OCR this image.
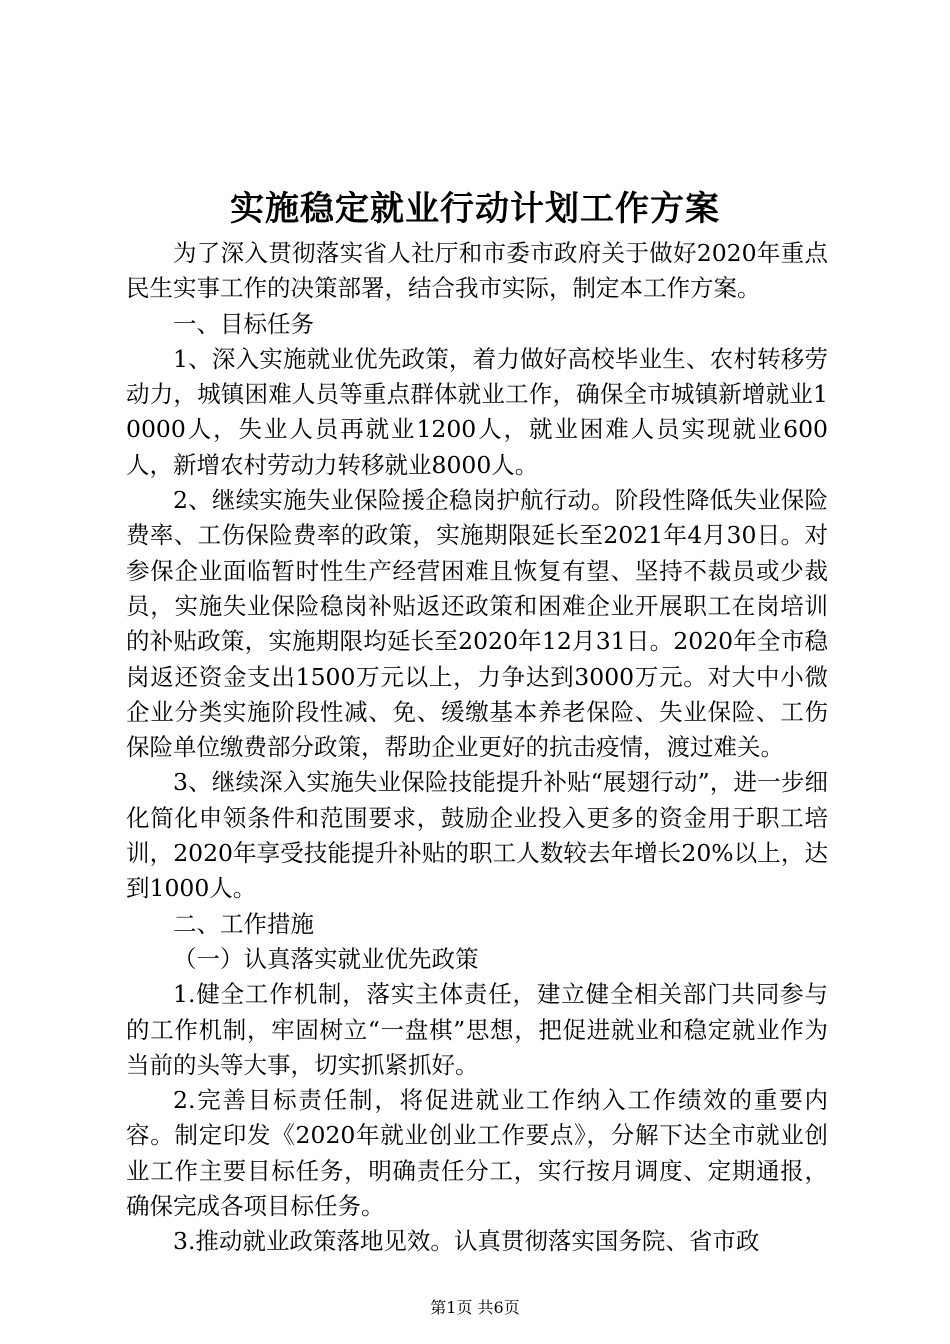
实施稳定就业行动计划工作方案

为了深入贯彻落实省人社厅和市委市政府关于做好2020年重点民生实事工作的决策部署，结合我市实际，制定本工作方案。

一、目标任务

1、深入实施就业优先政策，着力做好高校毕业生、农村转移劳动力，城镇困难人员等重点群体就业工作，确保全市城镇新增就业10000人，失业人员再就业1200人，就业困难人员实现就业600人，新增农村劳动力转移就业8000人。

2、继续实施失业保险援企稳岗护航行动。阶段性降低失业保险费率、工伤保险费率的政策，实施期限延长至2021年4月30日。对参保企业面临暂时性生产经营困难且恢复有望、坚持不裁员或少裁员，实施失业保险稳岗补贴返还政策和困难企业开展职工在岗培训的补贴政策，实施期限均延长至2020年12月31日。2020年全市稳岗返还资金支出1500万元以上，力争达到3000万元。对大中小微企业分类实施阶段性减、免、缓缴基本养老保险、失业保险、工伤保险单位缴费部分政策，帮助企业更好的抗击疫情，渡过难关。

3、继续深入实施失业保险技能提升补贴“展翅行动”，进一步细化简化申领条件和范围要求，鼓励企业投入更多的资金用于职工培训，2020年享受技能提升补贴的职工人数较去年增长20%以上，达到1000人。

二、工作措施

（一）认真落实就业优先政策

1.健全工作机制，落实主体责任，建立健全相关部门共同参与的工作机制，牢固树立“一盘棋”思想，把促进就业和稳定就业作为当前的头等大事，切实抓紧抓好。

2.完善目标责任制，将促进就业工作纳入工作绩效的重要内容。制定印发《2020年就业创业工作要点》，分解下达全市就业创业工作主要目标任务，明确责任分工，实行按月调度、定期通报，确保完成各项目标任务。

3.推动就业政策落地见效。认真贯彻落实国务院、省市政

第1页 共6页
